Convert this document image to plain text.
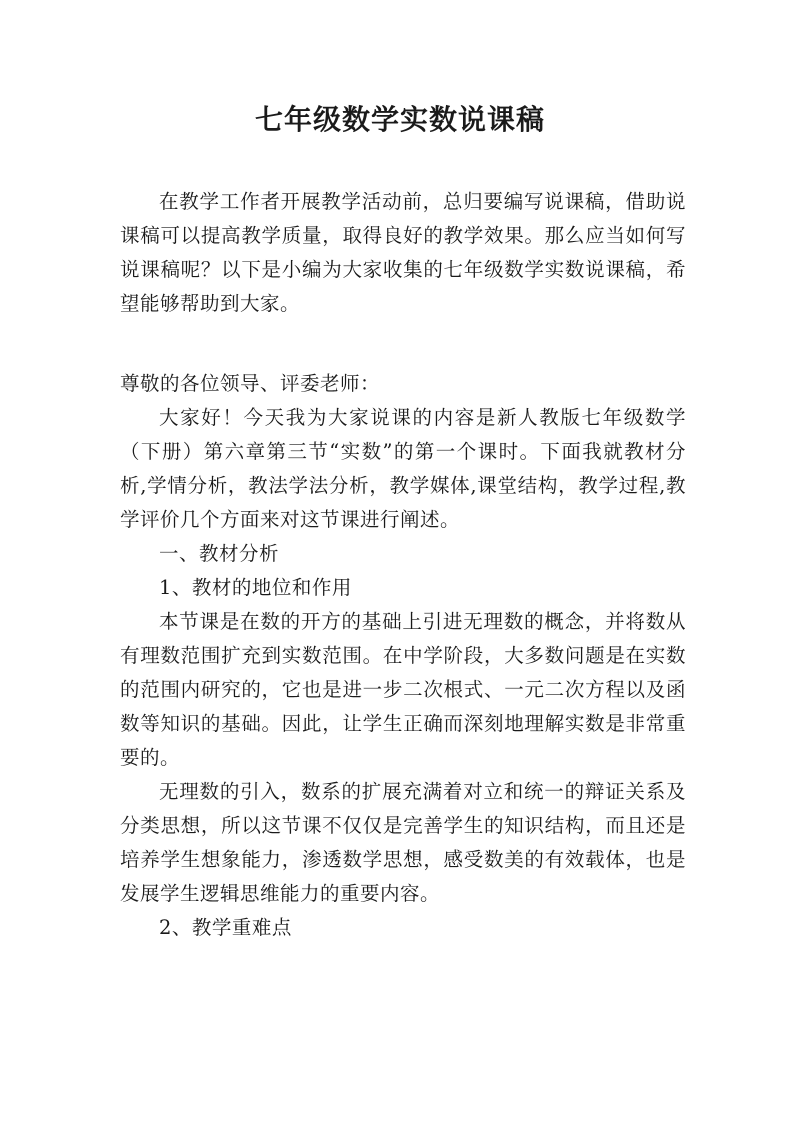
七年级数学实数说课稿

在教学工作者开展教学活动前，总归要编写说课稿，借助说课稿可以提高教学质量，取得良好的教学效果。那么应当如何写说课稿呢？以下是小编为大家收集的七年级数学实数说课稿，希望能够帮助到大家。

尊敬的各位领导、评委老师：

大家好！今天我为大家说课的内容是新人教版七年级数学（下册）第六章第三节“实数”的第一个课时。下面我就教材分析,学情分析，教法学法分析，教学媒体,课堂结构，教学过程,教学评价几个方面来对这节课进行阐述。

一、教材分析

1、教材的地位和作用

本节课是在数的开方的基础上引进无理数的概念，并将数从有理数范围扩充到实数范围。在中学阶段，大多数问题是在实数的范围内研究的，它也是进一步二次根式、一元二次方程以及函数等知识的基础。因此，让学生正确而深刻地理解实数是非常重要的。

无理数的引入，数系的扩展充满着对立和统一的辩证关系及分类思想，所以这节课不仅仅是完善学生的知识结构，而且还是培养学生想象能力，渗透数学思想，感受数美的有效载体，也是发展学生逻辑思维能力的重要内容。

2、教学重难点
